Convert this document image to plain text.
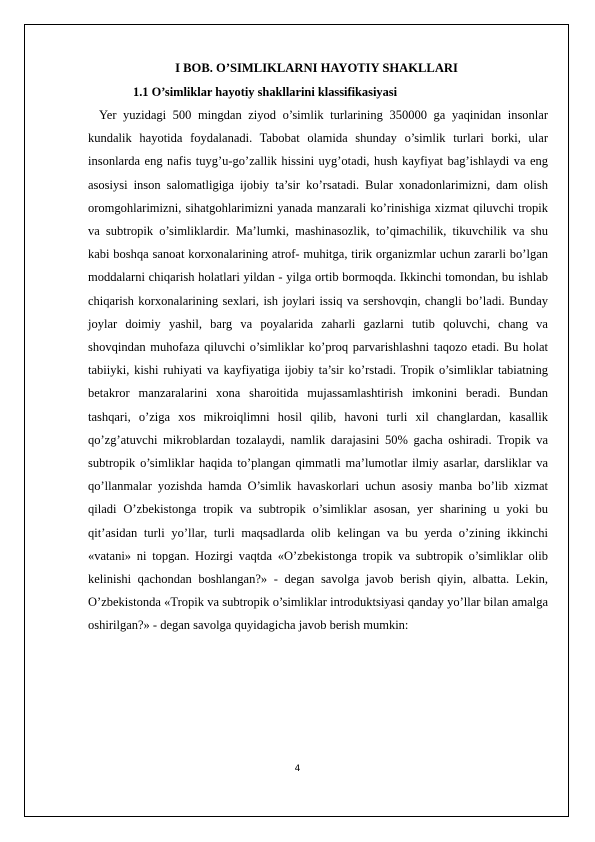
I BOB. O’SIMLIKLARNI HAYOTIY SHAKLLARI
1.1 O’simliklar hayotiy shakllarini klassifikasiyasi

Yer yuzidagi 500 mingdan ziyod o’simlik turlarining 350000 ga yaqinidan insonlar kundalik hayotida foydalanadi. Tabobat olamida shunday o’simlik turlari borki, ular insonlarda eng nafis tuyg’u-go’zallik hissini uyg’otadi, hush kayfiyat bag’ishlaydi va eng asosiysi inson salomatligiga ijobiy ta’sir ko’rsatadi. Bular xonadonlarimizni, dam olish oromgohlarimizni, sihatgohlarimizni yanada manzarali ko’rinishiga xizmat qiluvchi tropik va subtropik o’simliklardir. Ma’lumki, mashinasozlik, to’qimachilik, tikuvchilik va shu kabi boshqa sanoat korxonalarining atrof- muhitga, tirik organizmlar uchun zararli bo’lgan moddalarni chiqarish holatlari yildan - yilga ortib bormoqda. Ikkinchi tomondan, bu ishlab chiqarish korxonalarining sexlari, ish joylari issiq va sershovqin, changli bo’ladi. Bunday joylar doimiy yashil, barg va poyalarida zaharli gazlarni tutib qoluvchi, chang va shovqindan muhofaza qiluvchi o’simliklar ko’proq parvarishlashni taqozo etadi. Bu holat tabiiyki, kishi ruhiyati va kayfiyatiga ijobiy ta’sir ko’rstadi. Tropik o’simliklar tabiatning betakror manzaralarini xona sharoitida mujassamlashtirish imkonini beradi. Bundan tashqari, o’ziga xos mikroiqlimni hosil qilib, havoni turli xil changlardan, kasallik qo’zg’atuvchi mikroblardan tozalaydi, namlik darajasini 50% gacha oshiradi. Tropik va subtropik o’simliklar haqida to’plangan qimmatli ma’lumotlar ilmiy asarlar, darsliklar va qo’llanmalar yozishda hamda O’simlik havaskorlari uchun asosiy manba bo’lib xizmat qiladi O’zbekistonga tropik va subtropik o’simliklar asosan, yer sharining u yoki bu qit’asidan turli yo’llar, turli maqsadlarda olib kelingan va bu yerda o’zining ikkinchi «vatani» ni topgan. Hozirgi vaqtda «O’zbekistonga tropik va subtropik o’simliklar olib kelinishi qachondan boshlangan?» - degan savolga javob berish qiyin, albatta. Lekin, O’zbekistonda «Tropik va subtropik o’simliklar introduktsiyasi qanday yo’llar bilan amalga oshirilgan?» - degan savolga quyidagicha javob berish mumkin:

4
